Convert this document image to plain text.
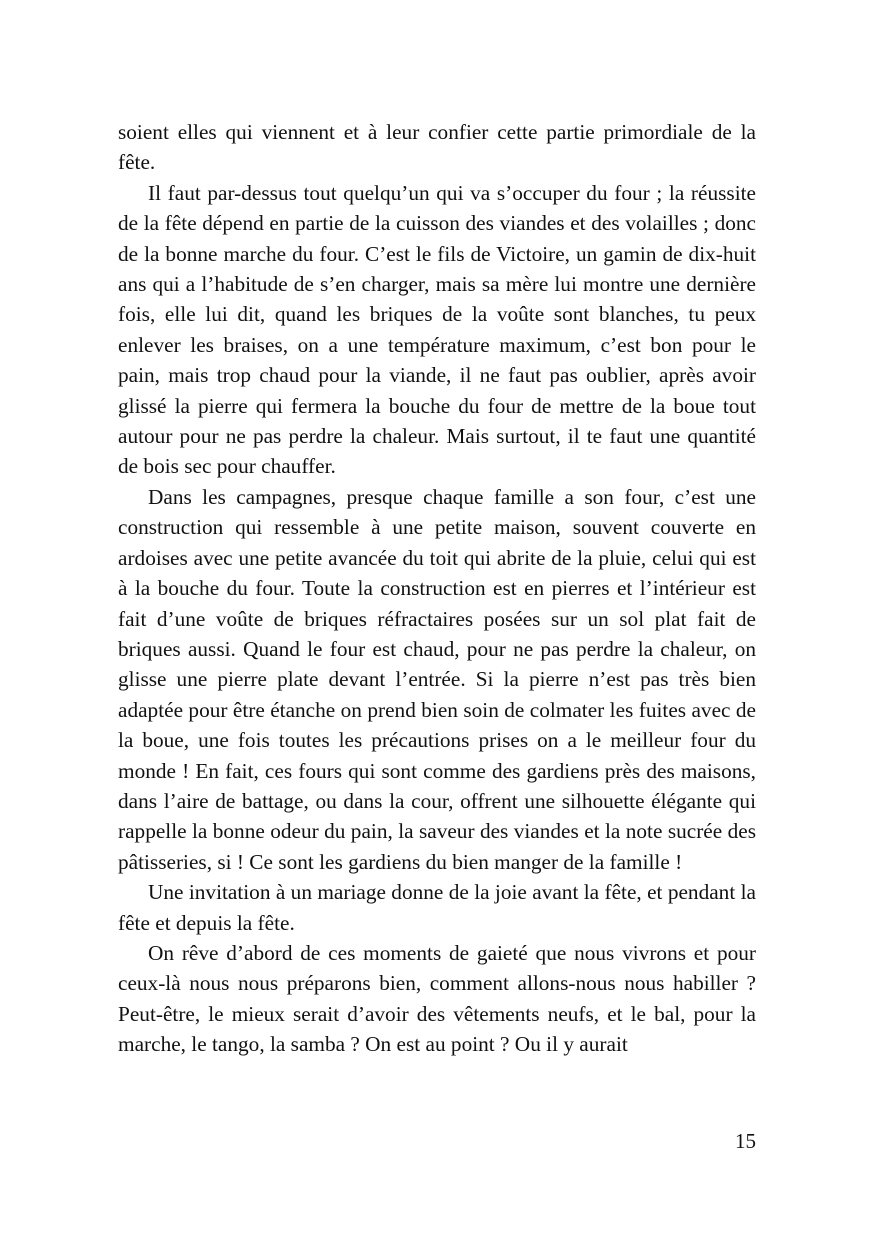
soient elles qui viennent et à leur confier cette partie primordiale de la fête.

Il faut par-dessus tout quelqu’un qui va s’occuper du four ; la réussite de la fête dépend en partie de la cuisson des viandes et des volailles ; donc de la bonne marche du four. C’est le fils de Victoire, un gamin de dix-huit ans qui a l’habitude de s’en charger, mais sa mère lui montre une dernière fois, elle lui dit, quand les briques de la voûte sont blanches, tu peux enlever les braises, on a une température maximum, c’est bon pour le pain, mais trop chaud pour la viande, il ne faut pas oublier, après avoir glissé la pierre qui fermera la bouche du four de mettre de la boue tout autour pour ne pas perdre la chaleur. Mais surtout, il te faut une quantité de bois sec pour chauffer.

Dans les campagnes, presque chaque famille a son four, c’est une construction qui ressemble à une petite maison, souvent couverte en ardoises avec une petite avancée du toit qui abrite de la pluie, celui qui est à la bouche du four. Toute la construction est en pierres et l’intérieur est fait d’une voûte de briques réfractaires posées sur un sol plat fait de briques aussi. Quand le four est chaud, pour ne pas perdre la chaleur, on glisse une pierre plate devant l’entrée. Si la pierre n’est pas très bien adaptée pour être étanche on prend bien soin de colmater les fuites avec de la boue, une fois toutes les précautions prises on a le meilleur four du monde ! En fait, ces fours qui sont comme des gardiens près des maisons, dans l’aire de battage, ou dans la cour, offrent une silhouette élégante qui rappelle la bonne odeur du pain, la saveur des viandes et la note sucrée des pâtisseries, si ! Ce sont les gardiens du bien manger de la famille !

Une invitation à un mariage donne de la joie avant la fête, et pendant la fête et depuis la fête.

On rêve d’abord de ces moments de gaieté que nous vivrons et pour ceux-là nous nous préparons bien, comment allons-nous nous habiller ? Peut-être, le mieux serait d’avoir des vêtements neufs, et le bal, pour la marche, le tango, la samba ? On est au point ? Ou il y aurait

15
